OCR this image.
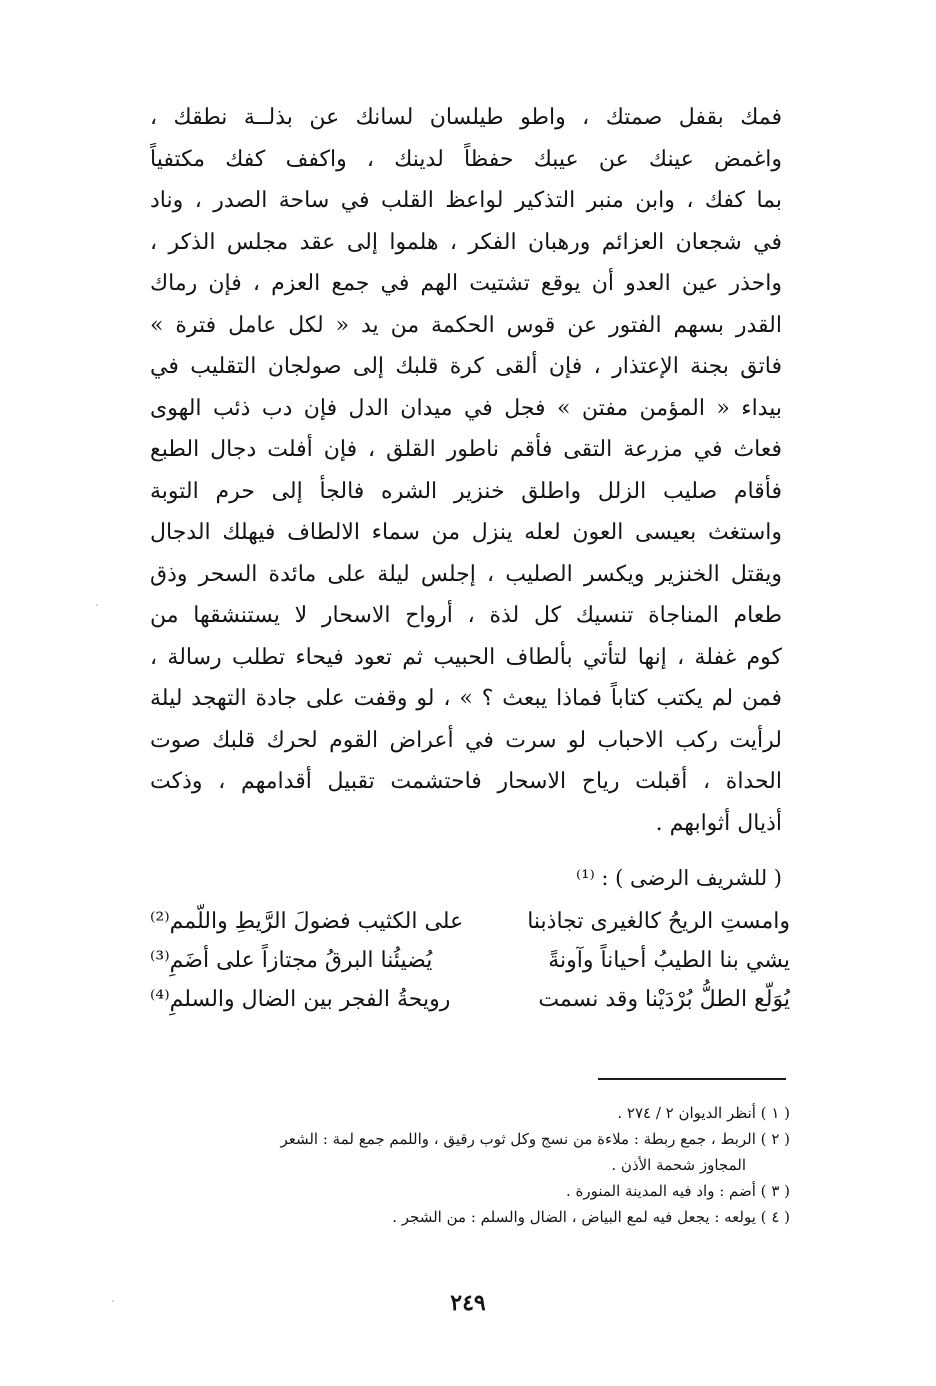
فمك بقفل صمتك ، واطو طيلسان لسانك عن بذلــة نطقك ،
واغمض عينك عن عيبك حفظاً لدينك ، واكفف كفك مكتفياً
بما كفك ، وابن منبر التذكير لواعظ القلب في ساحة الصدر ، وناد
في شجعان العزائم ورهبان الفكر ، هلموا إلى عقد مجلس الذكر ،
واحذر عين العدو أن يوقع تشتيت الهم في جمع العزم ، فإن رماك
القدر بسهم الفتور عن قوس الحكمة من يد « لكل عامل فترة »
فاتق بجنة الإعتذار ، فإن ألقى كرة قلبك إلى صولجان التقليب في
بيداء « المؤمن مفتن » فجل في ميدان الدل فإن دب ذئب الهوى
فعاث في مزرعة التقى فأقم ناطور القلق ، فإن أفلت دجال الطبع
فأقام صليب الزلل واطلق خنزير الشره فالجأ إلى حرم التوبة
واستغث بعيسى العون لعله ينزل من سماء الالطاف فيهلك الدجال
ويقتل الخنزير ويكسر الصليب ، إجلس ليلة على مائدة السحر وذق
طعام المناجاة تنسيك كل لذة ، أرواح الاسحار لا يستنشقها من
كوم غفلة ، إنها لتأتي بألطاف الحبيب ثم تعود فيحاء تطلب رسالة ،
فمن لم يكتب كتاباً فماذا يبعث ؟ » ، لو وقفت على جادة التهجد ليلة
لرأيت ركب الاحباب لو سرت في أعراض القوم لحرك قلبك صوت
الحداة ، أقبلت رياح الاسحار فاحتشمت تقبيل أقدامهم ، وذكت
أذيال أثوابهم .
( للشريف الرضى ) : ⁽¹⁾
وامستِ الريحُ كالغيرى تجاذبنا
على الكثيب فضولَ الرَّيطِ واللّمم⁽²⁾
يشي بنا الطيبُ أحياناً وآونةً
يُضيئُنا البرقُ مجتازاً على أضَمِ⁽³⁾
يُوَلّع الطلُّ بُرْدَيْنا وقد نسمت
رويحةُ الفجر بين الضال والسلمِ⁽⁴⁾
( ١ ) أنظر الديوان ٢ / ٢٧٤ .
( ٢ ) الربط ، جمع ربطة : ملاءة من نسج وكل ثوب رقيق ، واللمم جمع لمة : الشعر
المجاوز شحمة الأذن .
( ٣ ) أضم : واد فيه المدينة المنورة .
( ٤ ) يولعه : يجعل فيه لمع البياض ، الضال والسلم : من الشجر .
٢٤٩
